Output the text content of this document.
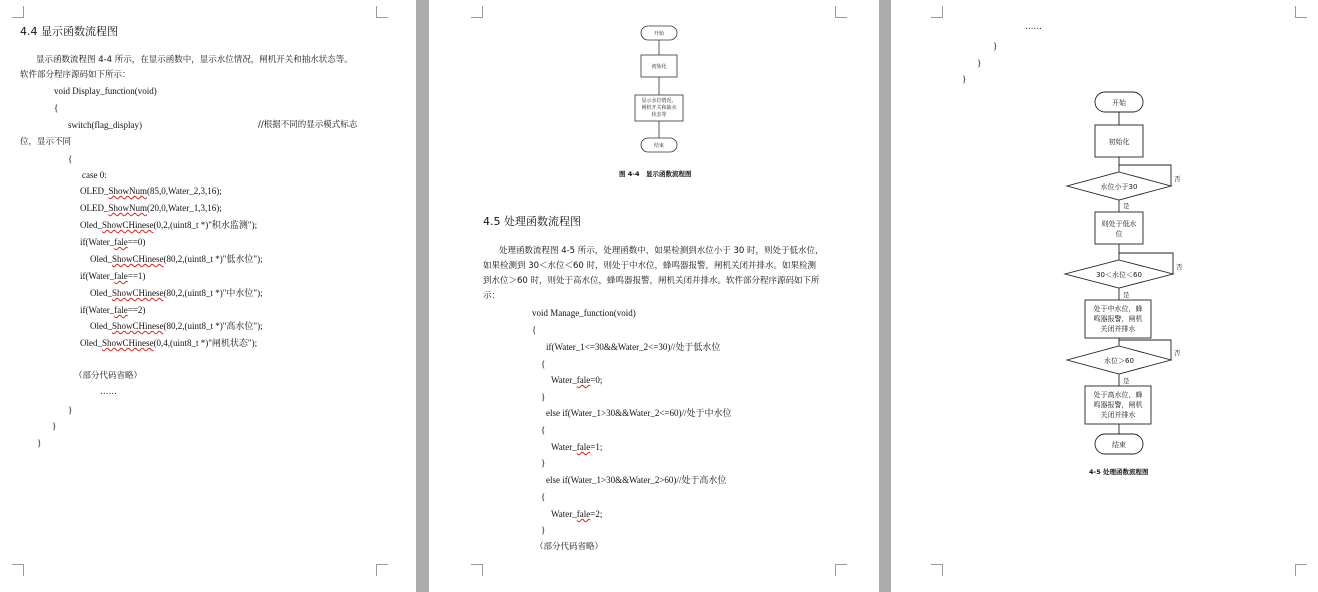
4.4 显示函数流程图
显示函数流程图 4-4 所示，在显示函数中，显示水位情况，闸机开关和抽水状态等。
软件部分程序源码如下所示：
void Display_function(void)
{
switch(flag_display)	//根据不同的显示模式标志
位，显示不同
{
case 0:
OLED_ShowNum(85,0,Water_2,3,16);
OLED_ShowNum(20,0,Water_1,3,16);
Oled_ShowCHinese(0,2,(uint8_t *)"积水监测");
if(Water_fale==0)
Oled_ShowCHinese(80,2,(uint8_t *)"低水位");
if(Water_fale==1)
Oled_ShowCHinese(80,2,(uint8_t *)"中水位");
if(Water_fale==2)
Oled_ShowCHinese(80,2,(uint8_t *)"高水位");
Oled_ShowCHinese(0,4,(uint8_t *)"闸机状态");
（部分代码省略）
……
}
}
}
开始
初始化
显示水位情况，
闸机开关和抽水
状态等
结束
图 4-4　显示函数流程图
4.5 处理函数流程图
处理函数流程图 4-5 所示，处理函数中，如果检测到水位小于 30 时，则处于低水位，
如果检测到 30＜水位＜60 时，则处于中水位，蜂鸣器报警，闸机关闭并排水。如果检测
到水位＞60 时，则处于高水位，蜂鸣器报警，闸机关闭并排水。软件部分程序源码如下所
示：
void Manage_function(void)
{
if(Water_1<=30&&Water_2<=30)//处于低水位
{
Water_fale=0;
}
else if(Water_1>30&&Water_2<=60)//处于中水位
{
Water_fale=1;
}
else if(Water_1>30&&Water_2>60)//处于高水位
{
Water_fale=2;
}
（部分代码省略）
……
}
}
}
开始
初始化
水位小于30
则处于低水
位
30＜水位＜60
处于中水位，蜂
鸣器报警，闸机
关闭并排水
水位＞60
处于高水位，蜂
鸣器报警，闸机
关闭并排水
结束
是
否
是
否
是
否
4-5 处理函数流程图
